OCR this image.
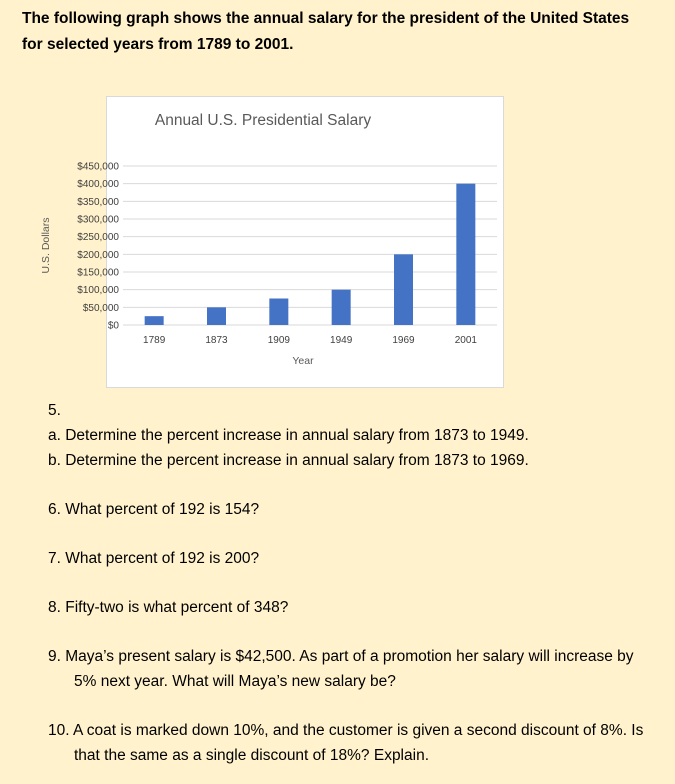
The following graph shows the annual salary for the president of the United States for selected years from 1789 to 2001.
Annual U.S. Presidential Salary
U.S. Dollars
Year
$0
$50,000
$100,000
$150,000
$200,000
$250,000
$300,000
$350,000
$400,000
$450,000
1789	1873	1909	1949	1969	2001

5.

a. Determine the percent increase in annual salary from 1873 to 1949.

b. Determine the percent increase in annual salary from 1873 to 1969.

6. What percent of 192 is 154?

7. What percent of 192 is 200?

8. Fifty-two is what percent of 348?

9. Maya’s present salary is $42,500. As part of a promotion her salary will increase by 5% next year. What will Maya’s new salary be?

10. A coat is marked down 10%, and the customer is given a second discount of 8%. Is that the same as a single discount of 18%? Explain.
